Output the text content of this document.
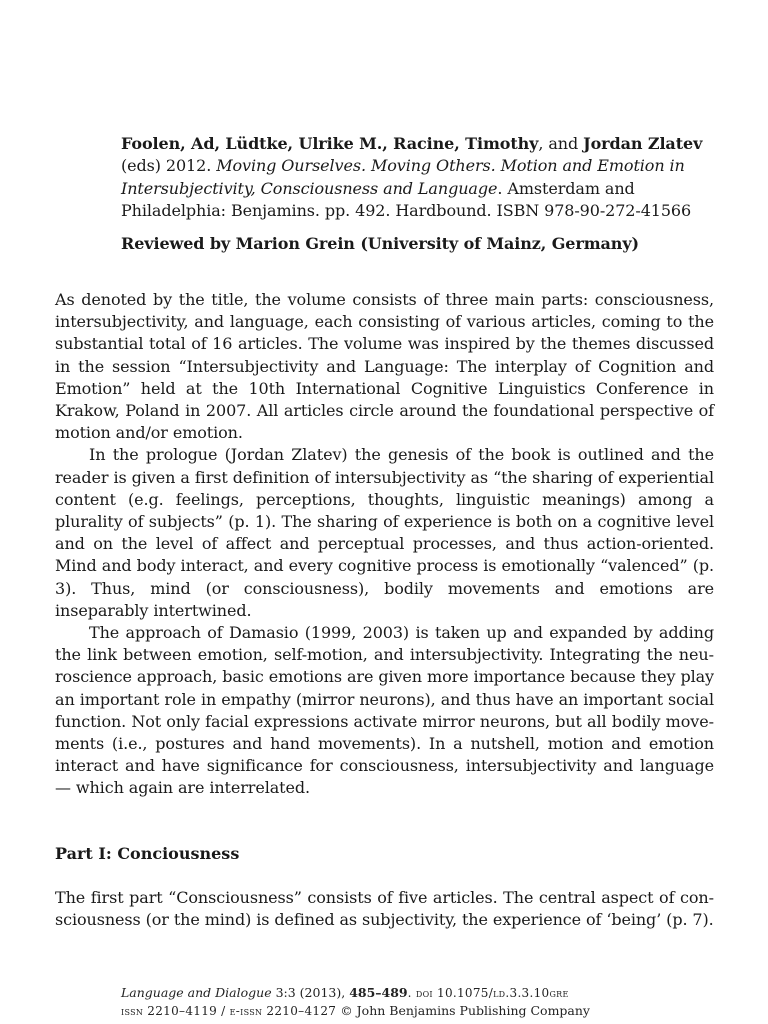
Foolen, Ad, Lüdtke, Ulrike M., Racine, Timothy, and Jordan Zlatev
(eds) 2012. Moving Ourselves. Moving Others. Motion and Emotion in Intersubjectivity, Consciousness and Language. Amsterdam and Philadelphia: Benjamins. pp. 492. Hardbound. ISBN 978-90-272-41566
Reviewed by Marion Grein (University of Mainz, Germany)

As denoted by the title, the volume consists of three main parts: consciousness, intersubjectivity, and language, each consisting of various articles, coming to the substantial total of 16 articles. The volume was inspired by the themes discussed in the session “Intersubjectivity and Language: The interplay of Cognition and Emotion” held at the 10th International Cognitive Linguistics Conference in Krakow, Poland in 2007. All articles circle around the foundational perspective of motion and/or emotion.

In the prologue (Jordan Zlatev) the genesis of the book is outlined and the reader is given a first definition of intersubjectivity as “the sharing of experiential content (e.g. feelings, perceptions, thoughts, linguistic meanings) among a plurality of subjects” (p. 1). The sharing of experience is both on a cognitive level and on the level of affect and perceptual processes, and thus action-oriented. Mind and body interact, and every cognitive process is emotionally “valenced” (p. 3). Thus, mind (or consciousness), bodily movements and emotions are inseparably intertwined.

The approach of Damasio (1999, 2003) is taken up and expanded by adding the link between emotion, self-motion, and intersubjectivity. Integrating the neuroscience approach, basic emotions are given more importance because they play an important role in empathy (mirror neurons), and thus have an important social function. Not only facial expressions activate mirror neurons, but all bodily movements (i.e., postures and hand movements). In a nutshell, motion and emotion interact and have significance for consciousness, intersubjectivity and language — which again are interrelated.

Part I: Conciousness

The first part “Consciousness” consists of five articles. The central aspect of consciousness (or the mind) is defined as subjectivity, the experience of ‘being’ (p. 7).

Language and Dialogue 3:3 (2013), 485–489. doi 10.1075/ld.3.3.10gre
issn 2210–4119 / e-issn 2210–4127 © John Benjamins Publishing Company
